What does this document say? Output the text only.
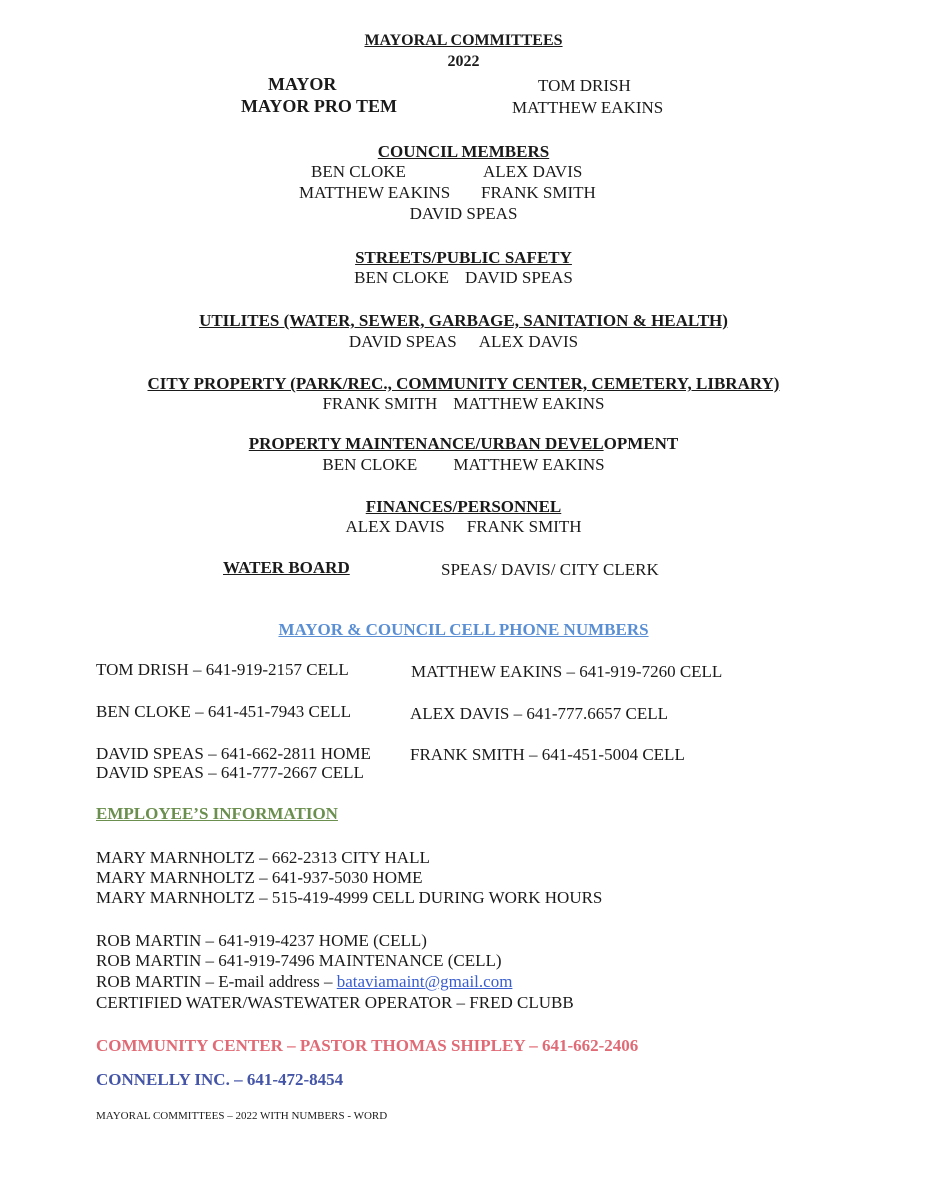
MAYORAL COMMITTEES
2022
MAYOR	TOM DRISH
MAYOR PRO TEM	MATTHEW EAKINS
COUNCIL MEMBERS
BEN CLOKE	ALEX DAVIS
MATTHEW EAKINS FRANK SMITH
DAVID SPEAS
STREETS/PUBLIC SAFETY
BEN CLOKE DAVID SPEAS
UTILITES (WATER, SEWER, GARBAGE, SANITATION & HEALTH)
DAVID SPEAS ALEX DAVIS
CITY PROPERTY (PARK/REC., COMMUNITY CENTER, CEMETERY, LIBRARY)
FRANK SMITH MATTHEW EAKINS
PROPERTY MAINTENANCE/URBAN DEVELOPMENT
BEN CLOKE MATTHEW EAKINS
FINANCES/PERSONNEL
ALEX DAVIS FRANK SMITH
WATER BOARD	SPEAS/ DAVIS/ CITY CLERK
MAYOR & COUNCIL CELL PHONE NUMBERS
TOM DRISH – 641-919-2157 CELL	MATTHEW EAKINS – 641-919-7260 CELL
BEN CLOKE – 641-451-7943 CELL	ALEX DAVIS – 641-777.6657 CELL
DAVID SPEAS – 641-662-2811 HOME FRANK SMITH – 641-451-5004 CELL
DAVID SPEAS – 641-777-2667 CELL
EMPLOYEE’S INFORMATION
MARY MARNHOLTZ – 662-2313 CITY HALL
MARY MARNHOLTZ – 641-937-5030 HOME
MARY MARNHOLTZ – 515-419-4999 CELL DURING WORK HOURS
ROB MARTIN – 641-919-4237 HOME (CELL)
ROB MARTIN – 641-919-7496 MAINTENANCE (CELL)
ROB MARTIN – E-mail address – bataviamaint@gmail.com
CERTIFIED WATER/WASTEWATER OPERATOR – FRED CLUBB
COMMUNITY CENTER – PASTOR THOMAS SHIPLEY – 641-662-2406
CONNELLY INC. – 641-472-8454
MAYORAL COMMITTEES – 2022 WITH NUMBERS - WORD
